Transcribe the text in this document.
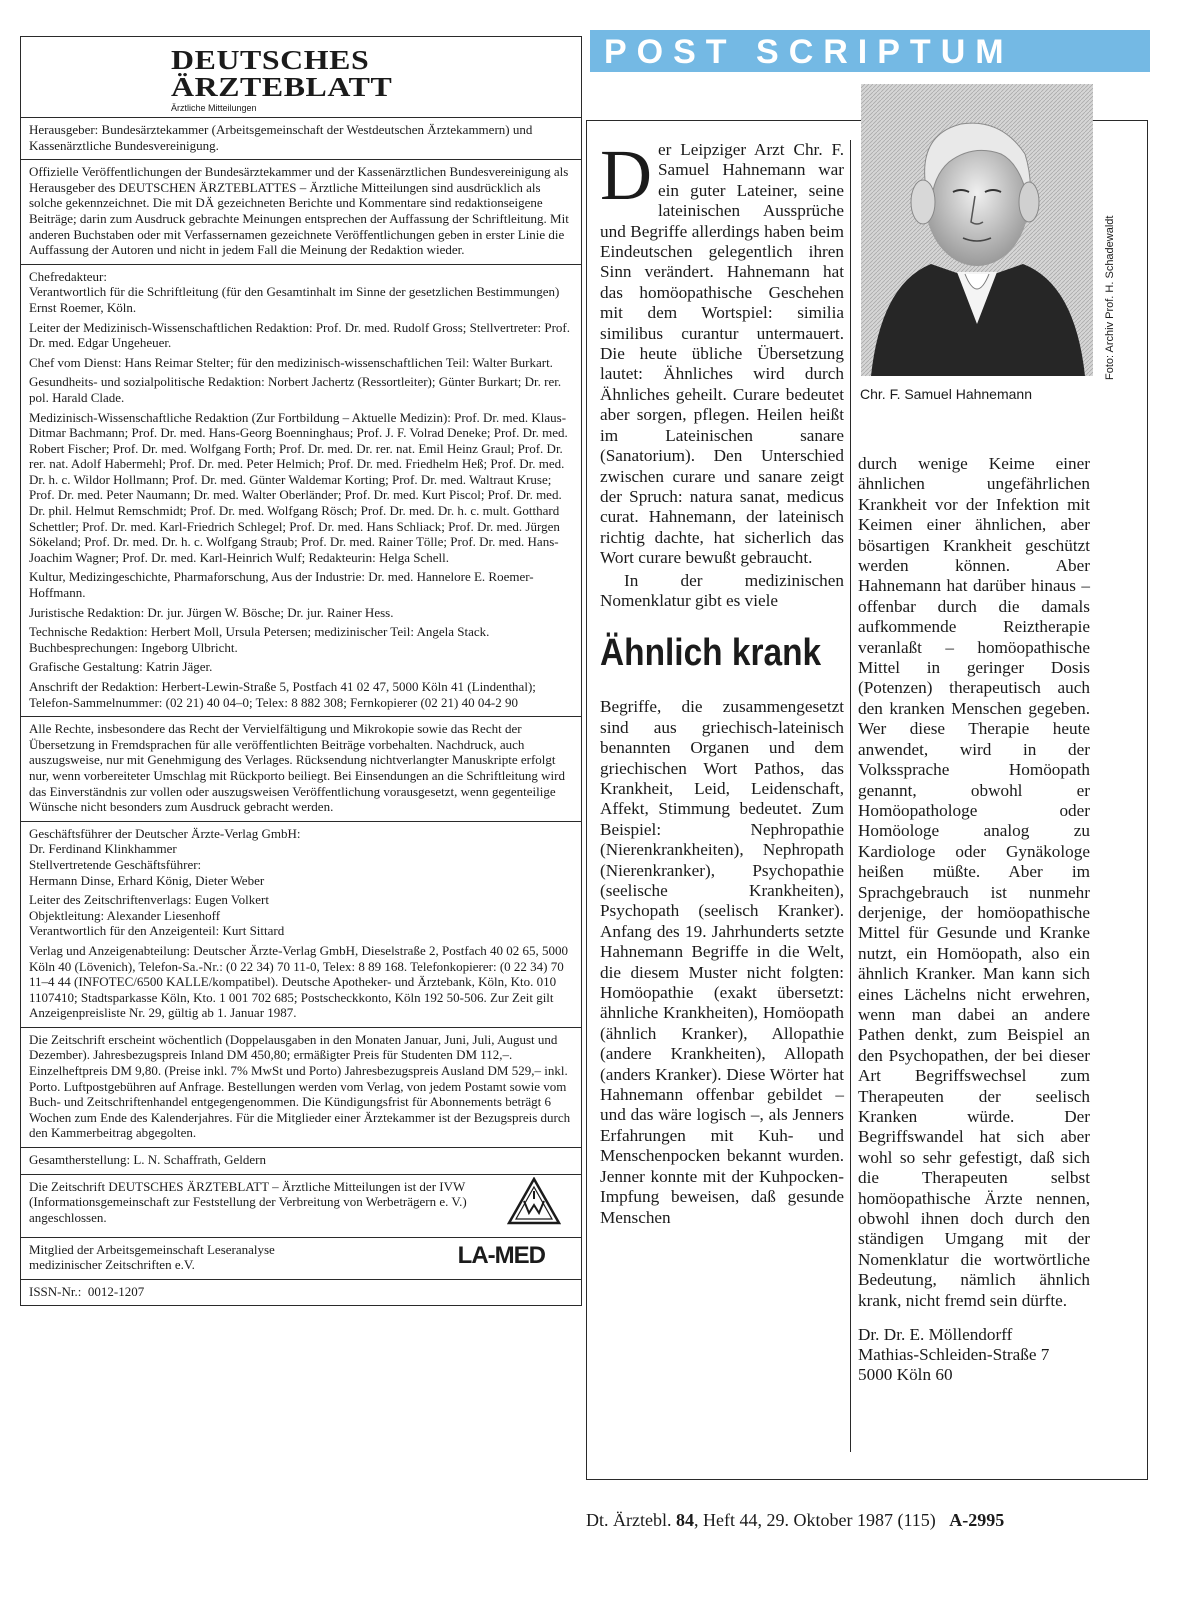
DEUTSCHES
ÄRZTEBLATT
Ärztliche Mitteilungen

Herausgeber: Bundesärztekammer (Arbeitsgemeinschaft der Westdeutschen Ärztekammern) und Kassenärztliche Bundesvereinigung.

Offizielle Veröffentlichungen der Bundesärztekammer und der Kassenärztlichen Bundesvereinigung als Herausgeber des DEUTSCHEN ÄRZTEBLATTES – Ärztliche Mitteilungen sind ausdrücklich als solche gekennzeichnet. Die mit DÄ gezeichneten Berichte und Kommentare sind redaktionseigene Beiträge; darin zum Ausdruck gebrachte Meinungen entsprechen der Auffassung der Schriftleitung. Mit anderen Buchstaben oder mit Verfassernamen gezeichnete Veröffentlichungen geben in erster Linie die Auffassung der Autoren und nicht in jedem Fall die Meinung der Redaktion wieder.

Chefredakteur:

Verantwortlich für die Schriftleitung (für den Gesamtinhalt im Sinne der gesetzlichen Bestimmungen)

Ernst Roemer, Köln.

Leiter der Medizinisch-Wissenschaftlichen Redaktion: Prof. Dr. med. Rudolf Gross; Stellvertreter: Prof. Dr. med. Edgar Ungeheuer.

Chef vom Dienst: Hans Reimar Stelter; für den medizinisch-wissenschaftlichen Teil: Walter Burkart.

Gesundheits- und sozialpolitische Redaktion: Norbert Jachertz (Ressortleiter); Günter Burkart; Dr. rer. pol. Harald Clade.

Medizinisch-Wissenschaftliche Redaktion (Zur Fortbildung – Aktuelle Medizin): Prof. Dr. med. Klaus-Ditmar Bachmann; Prof. Dr. med. Hans-Georg Boenninghaus; Prof. J. F. Volrad Deneke; Prof. Dr. med. Robert Fischer; Prof. Dr. med. Wolfgang Forth; Prof. Dr. med. Dr. rer. nat. Emil Heinz Graul; Prof. Dr. rer. nat. Adolf Habermehl; Prof. Dr. med. Peter Helmich; Prof. Dr. med. Friedhelm Heß; Prof. Dr. med. Dr. h. c. Wildor Hollmann; Prof. Dr. med. Günter Waldemar Korting; Prof. Dr. med. Waltraut Kruse; Prof. Dr. med. Peter Naumann; Dr. med. Walter Oberländer; Prof. Dr. med. Kurt Piscol; Prof. Dr. med. Dr. phil. Helmut Remschmidt; Prof. Dr. med. Wolfgang Rösch; Prof. Dr. med. Dr. h. c. mult. Gotthard Schettler; Prof. Dr. med. Karl-Friedrich Schlegel; Prof. Dr. med. Hans Schliack; Prof. Dr. med. Jürgen Sökeland; Prof. Dr. med. Dr. h. c. Wolfgang Straub; Prof. Dr. med. Rainer Tölle; Prof. Dr. med. Hans-Joachim Wagner; Prof. Dr. med. Karl-Heinrich Wulf; Redakteurin: Helga Schell.

Kultur, Medizingeschichte, Pharmaforschung, Aus der Industrie: Dr. med. Hannelore E. Roemer-Hoffmann.

Juristische Redaktion: Dr. jur. Jürgen W. Bösche; Dr. jur. Rainer Hess.

Technische Redaktion: Herbert Moll, Ursula Petersen; medizinischer Teil: Angela Stack. Buchbesprechungen: Ingeborg Ulbricht.

Grafische Gestaltung: Katrin Jäger.

Anschrift der Redaktion: Herbert-Lewin-Straße 5, Postfach 41 02 47, 5000 Köln 41 (Lindenthal); Telefon-Sammelnummer: (02 21) 40 04–0; Telex: 8 882 308; Fernkopierer (02 21) 40 04-2 90

Alle Rechte, insbesondere das Recht der Vervielfältigung und Mikrokopie sowie das Recht der Übersetzung in Fremdsprachen für alle veröffentlichten Beiträge vorbehalten. Nachdruck, auch auszugsweise, nur mit Genehmigung des Verlages. Rücksendung nichtverlangter Manuskripte erfolgt nur, wenn vorbereiteter Umschlag mit Rückporto beiliegt. Bei Einsendungen an die Schriftleitung wird das Einverständnis zur vollen oder auszugsweisen Veröffentlichung vorausgesetzt, wenn gegenteilige Wünsche nicht besonders zum Ausdruck gebracht werden.

Geschäftsführer der Deutscher Ärzte-Verlag GmbH:

Dr. Ferdinand Klinkhammer

Stellvertretende Geschäftsführer:

Hermann Dinse, Erhard König, Dieter Weber

Leiter des Zeitschriftenverlags: Eugen Volkert

Objektleitung: Alexander Liesenhoff

Verantwortlich für den Anzeigenteil: Kurt Sittard

Verlag und Anzeigenabteilung: Deutscher Ärzte-Verlag GmbH, Dieselstraße 2, Postfach 40 02 65, 5000 Köln 40 (Lövenich), Telefon-Sa.-Nr.: (0 22 34) 70 11-0, Telex: 8 89 168. Telefonkopierer: (0 22 34) 70 11–4 44 (INFOTEC/6500 KALLE/kompatibel). Deutsche Apotheker- und Ärztebank, Köln, Kto. 010 1107410; Stadtsparkasse Köln, Kto. 1 001 702 685; Postscheckkonto, Köln 192 50-506. Zur Zeit gilt Anzeigenpreisliste Nr. 29, gültig ab 1. Januar 1987.

Die Zeitschrift erscheint wöchentlich (Doppelausgaben in den Monaten Januar, Juni, Juli, August und Dezember). Jahresbezugspreis Inland DM 450,80; ermäßigter Preis für Studenten DM 112,–. Einzelheftpreis DM 9,80. (Preise inkl. 7% MwSt und Porto) Jahresbezugspreis Ausland DM 529,– inkl. Porto. Luftpostgebühren auf Anfrage. Bestellungen werden vom Verlag, von jedem Postamt sowie vom Buch- und Zeitschriftenhandel entgegengenommen. Die Kündigungsfrist für Abonnements beträgt 6 Wochen zum Ende des Kalenderjahres. Für die Mitglieder einer Ärztekammer ist der Bezugspreis durch den Kammerbeitrag abgegolten.

Gesamtherstellung: L. N. Schaffrath, Geldern

Die Zeitschrift DEUTSCHES ÄRZTEBLATT – Ärztliche Mitteilungen ist der IVW (Informationsgemeinschaft zur Feststellung der Verbreitung von Werbeträgern e. V.) angeschlossen.

Mitglied der Arbeitsgemeinschaft Leseranalyse medizinischer Zeitschriften e.V.	LA-MED

ISSN-Nr.:  0012-1207

POST SCRIPTUM
Foto: Archiv Prof. H. Schadewaldt
Chr. F. Samuel Hahnemann

Der Leipziger Arzt Chr. F. Samuel Hahnemann war ein guter Lateiner, seine lateinischen Aussprüche und Begriffe allerdings haben beim Eindeutschen gelegentlich ihren Sinn verändert. Hahnemann hat das homöopathische Geschehen mit dem Wortspiel: similia similibus curantur untermauert. Die heute übliche Übersetzung lautet: Ähnliches wird durch Ähnliches geheilt. Curare bedeutet aber sorgen, pflegen. Heilen heißt im Lateinischen sanare (Sanatorium). Den Unterschied zwischen curare und sanare zeigt der Spruch: natura sanat, medicus curat. Hahnemann, der lateinisch richtig dachte, hat sicherlich das Wort curare bewußt gebraucht.

In der medizinischen Nomenklatur gibt es viele

Ähnlich krank

Begriffe, die zusammengesetzt sind aus griechisch-lateinisch benannten Organen und dem griechischen Wort Pathos, das Krankheit, Leid, Leidenschaft, Affekt, Stimmung bedeutet. Zum Beispiel: Nephropathie (Nierenkrankheiten), Nephropath (Nierenkranker), Psychopathie (seelische Krankheiten), Psychopath (seelisch Kranker). Anfang des 19. Jahrhunderts setzte Hahnemann Begriffe in die Welt, die diesem Muster nicht folgten: Homöopathie (exakt übersetzt: ähnliche Krankheiten), Homöopath (ähnlich Kranker), Allopathie (andere Krankheiten), Allopath (anders Kranker). Diese Wörter hat Hahnemann offenbar gebildet – und das wäre logisch –, als Jenners Erfahrungen mit Kuh- und Menschenpocken bekannt wurden. Jenner konnte mit der Kuhpocken-Impfung beweisen, daß gesunde Menschen

durch wenige Keime einer ähnlichen ungefährlichen Krankheit vor der Infektion mit Keimen einer ähnlichen, aber bösartigen Krankheit geschützt werden können. Aber Hahnemann hat darüber hinaus – offenbar durch die damals aufkommende Reiztherapie veranlaßt – homöopathische Mittel in geringer Dosis (Potenzen) therapeutisch auch den kranken Menschen gegeben. Wer diese Therapie heute anwendet, wird in der Volkssprache Homöopath genannt, obwohl er Homöopathologe oder Homöologe analog zu Kardiologe oder Gynäkologe heißen müßte. Aber im Sprachgebrauch ist nunmehr derjenige, der homöopathische Mittel für Gesunde und Kranke nutzt, ein Homöopath, also ein ähnlich Kranker. Man kann sich eines Lächelns nicht erwehren, wenn man dabei an andere Pathen denkt, zum Beispiel an den Psychopathen, der bei dieser Art Begriffswechsel zum Therapeuten der seelisch Kranken würde. Der Begriffswandel hat sich aber wohl so sehr gefestigt, daß sich die Therapeuten selbst homöopathische Ärzte nennen, obwohl ihnen doch durch den ständigen Umgang mit der Nomenklatur die wortwörtliche Bedeutung, nämlich ähnlich krank, nicht fremd sein dürfte.

Dr. Dr. E. Möllendorff
Mathias-Schleiden-Straße 7
5000 Köln 60

Dt. Ärztebl. 84, Heft 44, 29. Oktober 1987 (115) A-2995
